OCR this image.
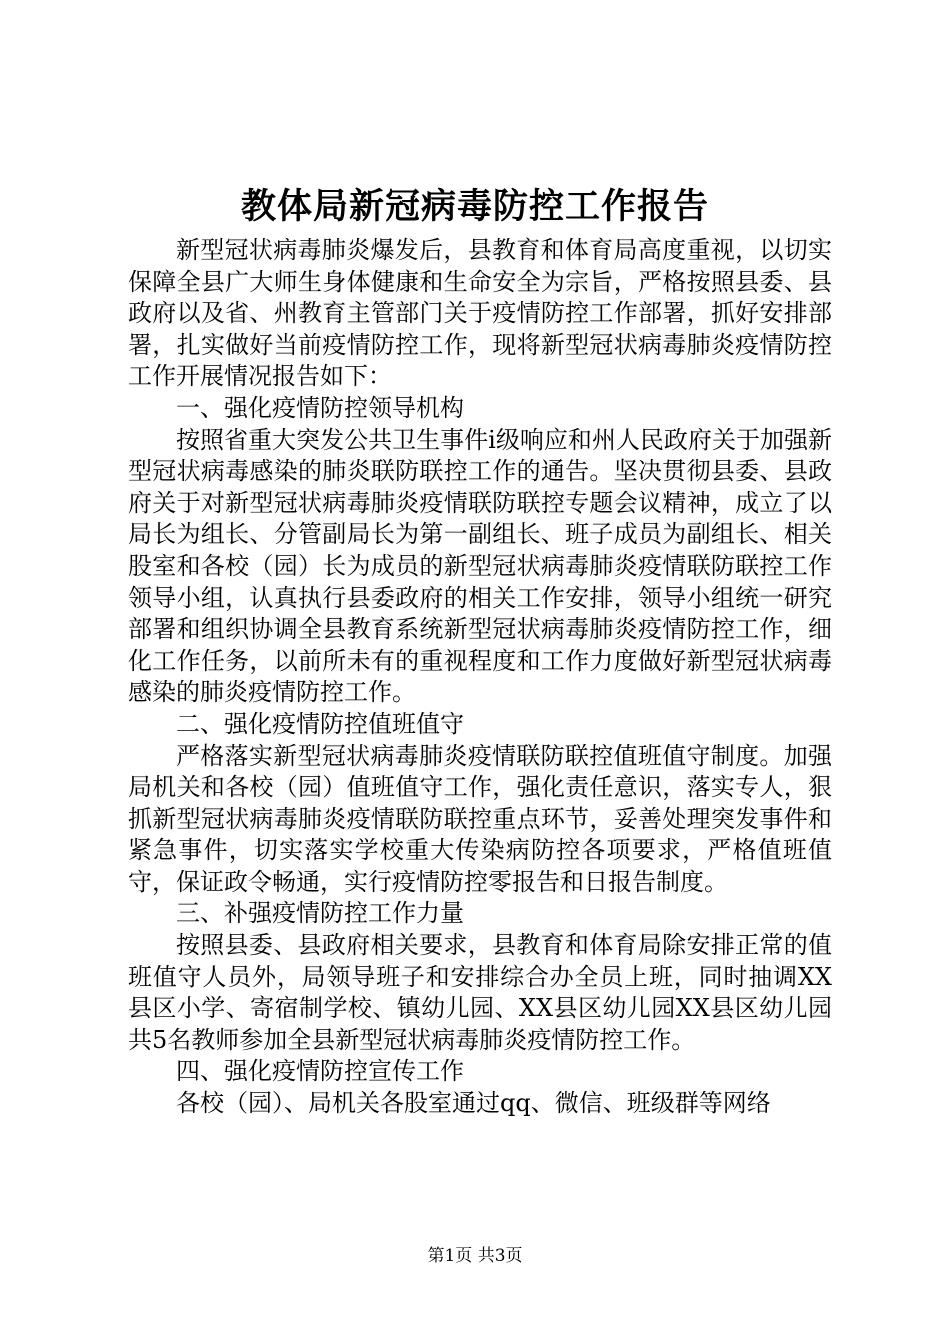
教体局新冠病毒防控工作报告

新型冠状病毒肺炎爆发后，县教育和体育局高度重视，以切实保障全县广大师生身体健康和生命安全为宗旨，严格按照县委、县政府以及省、州教育主管部门关于疫情防控工作部署，抓好安排部署，扎实做好当前疫情防控工作，现将新型冠状病毒肺炎疫情防控工作开展情况报告如下：

一、强化疫情防控领导机构

按照省重大突发公共卫生事件ⅰ级响应和州人民政府关于加强新型冠状病毒感染的肺炎联防联控工作的通告。坚决贯彻县委、县政府关于对新型冠状病毒肺炎疫情联防联控专题会议精神，成立了以局长为组长、分管副局长为第一副组长、班子成员为副组长、相关股室和各校（园）长为成员的新型冠状病毒肺炎疫情联防联控工作领导小组，认真执行县委政府的相关工作安排，领导小组统一研究部署和组织协调全县教育系统新型冠状病毒肺炎疫情防控工作，细化工作任务，以前所未有的重视程度和工作力度做好新型冠状病毒感染的肺炎疫情防控工作。

二、强化疫情防控值班值守

严格落实新型冠状病毒肺炎疫情联防联控值班值守制度。加强局机关和各校（园）值班值守工作，强化责任意识，落实专人，狠抓新型冠状病毒肺炎疫情联防联控重点环节，妥善处理突发事件和紧急事件，切实落实学校重大传染病防控各项要求，严格值班值守，保证政令畅通，实行疫情防控零报告和日报告制度。

三、补强疫情防控工作力量

按照县委、县政府相关要求，县教育和体育局除安排正常的值班值守人员外，局领导班子和安排综合办全员上班，同时抽调XX县区小学、寄宿制学校、镇幼儿园、XX县区幼儿园XX县区幼儿园共5名教师参加全县新型冠状病毒肺炎疫情防控工作。

四、强化疫情防控宣传工作

各校（园）、局机关各股室通过qq、微信、班级群等网络

第1页 共3页
